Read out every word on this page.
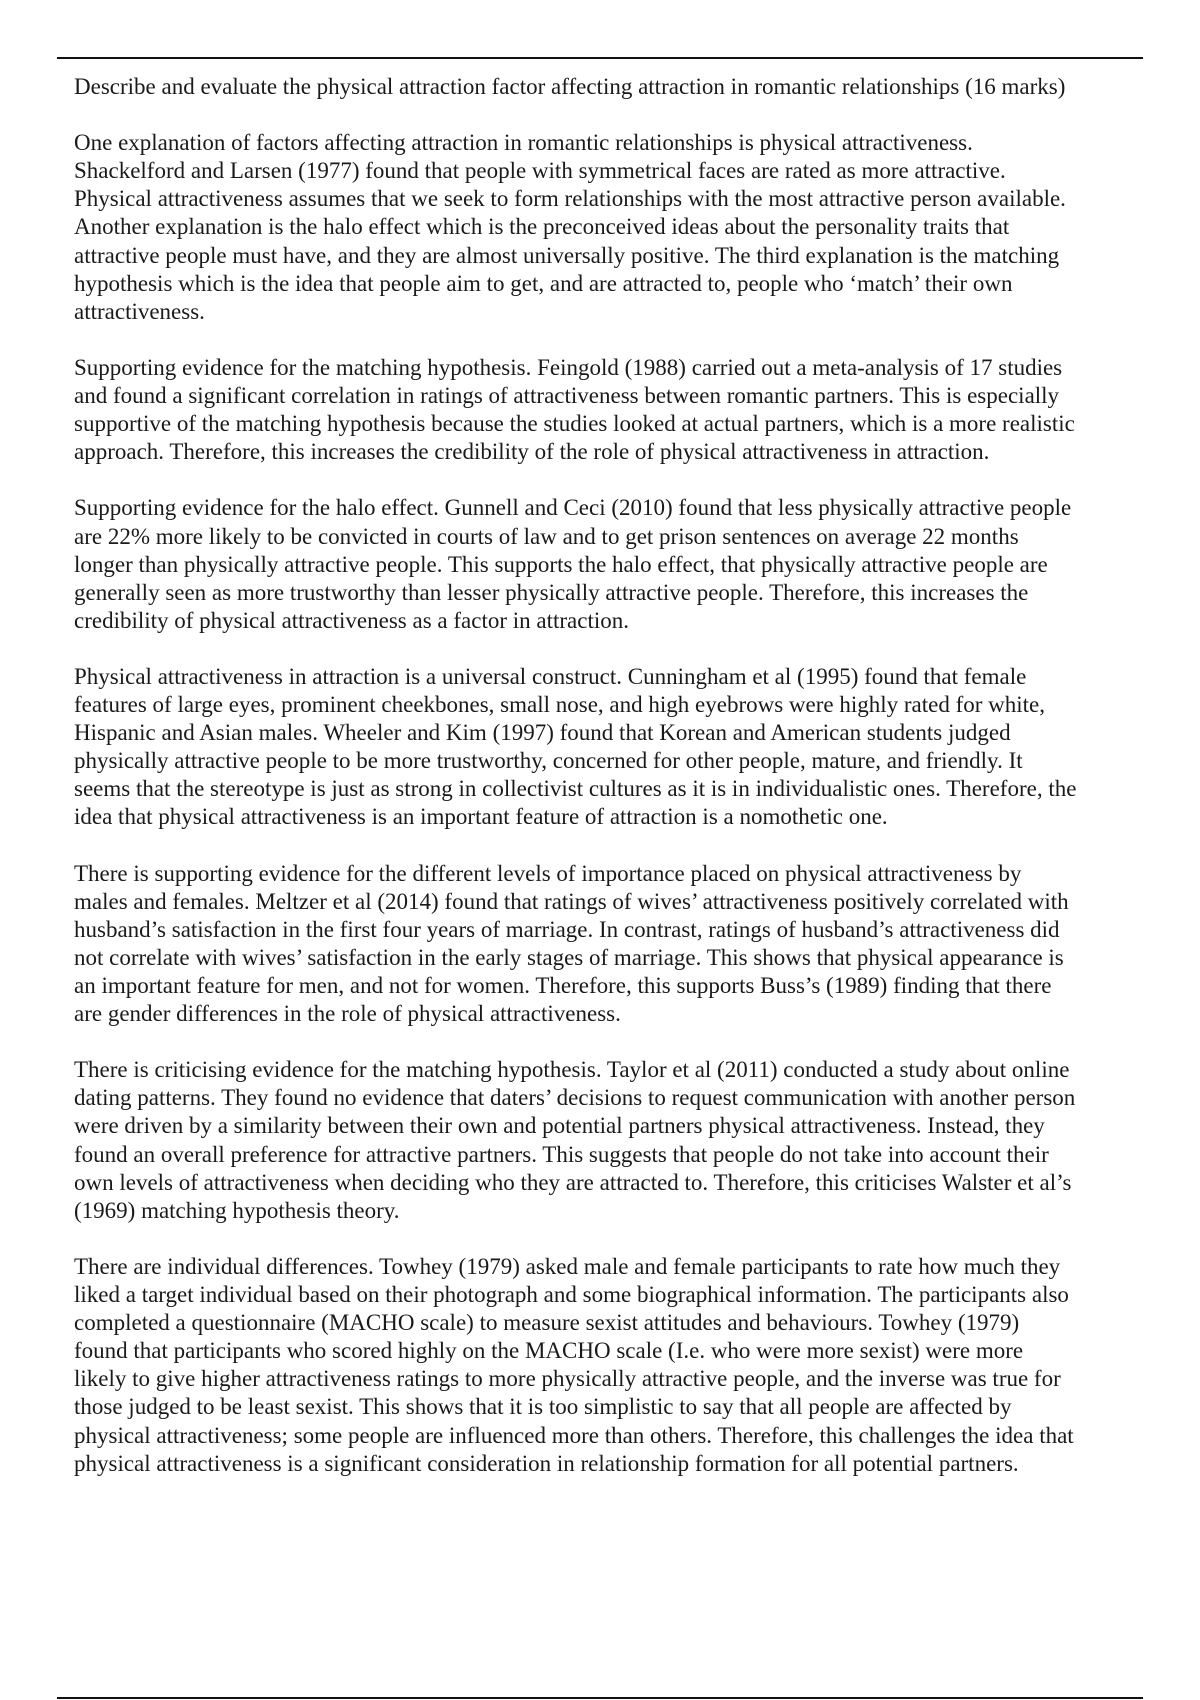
Describe and evaluate the physical attraction factor affecting attraction in romantic relationships (16 marks)

One explanation of factors affecting attraction in romantic relationships is physical attractiveness.
Shackelford and Larsen (1977) found that people with symmetrical faces are rated as more attractive.
Physical attractiveness assumes that we seek to form relationships with the most attractive person available.
Another explanation is the halo effect which is the preconceived ideas about the personality traits that
attractive people must have, and they are almost universally positive. The third explanation is the matching
hypothesis which is the idea that people aim to get, and are attracted to, people who ‘match’ their own
attractiveness.

Supporting evidence for the matching hypothesis. Feingold (1988) carried out a meta-analysis of 17 studies
and found a significant correlation in ratings of attractiveness between romantic partners. This is especially
supportive of the matching hypothesis because the studies looked at actual partners, which is a more realistic
approach. Therefore, this increases the credibility of the role of physical attractiveness in attraction.

Supporting evidence for the halo effect. Gunnell and Ceci (2010) found that less physically attractive people
are 22% more likely to be convicted in courts of law and to get prison sentences on average 22 months
longer than physically attractive people. This supports the halo effect, that physically attractive people are
generally seen as more trustworthy than lesser physically attractive people. Therefore, this increases the
credibility of physical attractiveness as a factor in attraction.

Physical attractiveness in attraction is a universal construct. Cunningham et al (1995) found that female
features of large eyes, prominent cheekbones, small nose, and high eyebrows were highly rated for white,
Hispanic and Asian males. Wheeler and Kim (1997) found that Korean and American students judged
physically attractive people to be more trustworthy, concerned for other people, mature, and friendly. It
seems that the stereotype is just as strong in collectivist cultures as it is in individualistic ones. Therefore, the
idea that physical attractiveness is an important feature of attraction is a nomothetic one.

There is supporting evidence for the different levels of importance placed on physical attractiveness by
males and females. Meltzer et al (2014) found that ratings of wives’ attractiveness positively correlated with
husband’s satisfaction in the first four years of marriage. In contrast, ratings of husband’s attractiveness did
not correlate with wives’ satisfaction in the early stages of marriage. This shows that physical appearance is
an important feature for men, and not for women. Therefore, this supports Buss’s (1989) finding that there
are gender differences in the role of physical attractiveness.

There is criticising evidence for the matching hypothesis. Taylor et al (2011) conducted a study about online
dating patterns. They found no evidence that daters’ decisions to request communication with another person
were driven by a similarity between their own and potential partners physical attractiveness. Instead, they
found an overall preference for attractive partners. This suggests that people do not take into account their
own levels of attractiveness when deciding who they are attracted to. Therefore, this criticises Walster et al’s
(1969) matching hypothesis theory.

There are individual differences. Towhey (1979) asked male and female participants to rate how much they
liked a target individual based on their photograph and some biographical information. The participants also
completed a questionnaire (MACHO scale) to measure sexist attitudes and behaviours. Towhey (1979)
found that participants who scored highly on the MACHO scale (I.e. who were more sexist) were more
likely to give higher attractiveness ratings to more physically attractive people, and the inverse was true for
those judged to be least sexist. This shows that it is too simplistic to say that all people are affected by
physical attractiveness; some people are influenced more than others. Therefore, this challenges the idea that
physical attractiveness is a significant consideration in relationship formation for all potential partners.
